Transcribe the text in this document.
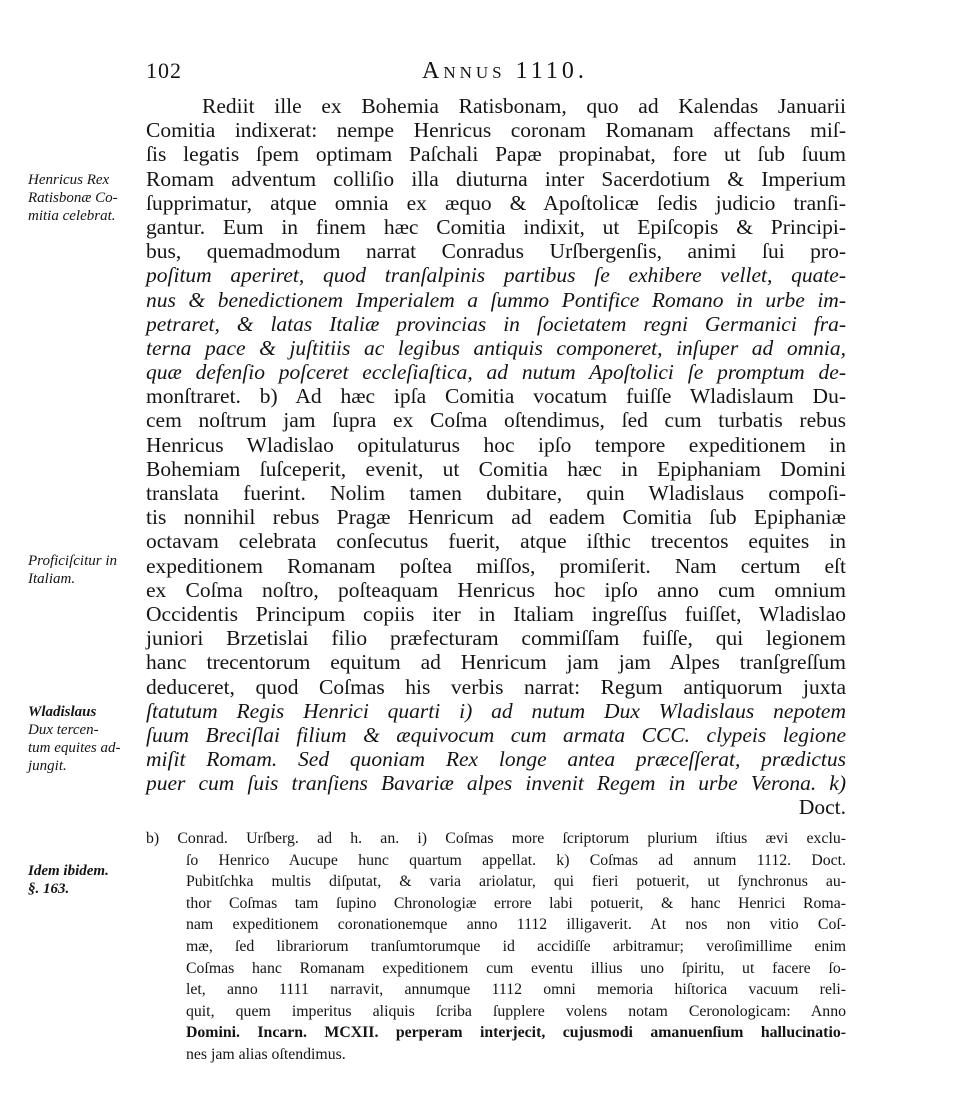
102	Annus 1110.
Henricus Rex
Ratisbonæ Co-
mitia celebrat.
Proficiſcitur in
Italiam.
Wladislaus
Dux tercen-
tum equites ad-
jungit.
Idem ibidem.
§. 163.
Rediit ille ex Bohemia Ratisbonam, quo ad Kalendas Januarii
Comitia indixerat: nempe Henricus coronam Romanam affectans miſ-
ſis legatis ſpem optimam Paſchali Papæ propinabat, fore ut ſub ſuum
Romam adventum colliſio illa diuturna inter Sacerdotium & Imperium
ſupprimatur, atque omnia ex æquo & Apoſtolicæ ſedis judicio tranſi-
gantur. Eum in finem hæc Comitia indixit, ut Epiſcopis & Principi-
bus, quemadmodum narrat Conradus Urſbergenſis, animi ſui pro-
poſitum aperiret, quod tranſalpinis partibus ſe exhibere vellet, quate-
nus & benedictionem Imperialem a ſummo Pontifice Romano in urbe im-
petraret, & latas Italiæ provincias in ſocietatem regni Germanici fra-
terna pace & juſtitiis ac legibus antiquis componeret, inſuper ad omnia,
quæ defenſio poſceret eccleſiaſtica, ad nutum Apoſtolici ſe promptum de-
monſtraret. b) Ad hæc ipſa Comitia vocatum fuiſſe Wladislaum Du-
cem noſtrum jam ſupra ex Coſma oſtendimus, ſed cum turbatis rebus
Henricus Wladislao opitulaturus hoc ipſo tempore expeditionem in
Bohemiam ſuſceperit, evenit, ut Comitia hæc in Epiphaniam Domini
translata fuerint. Nolim tamen dubitare, quin Wladislaus compoſi-
tis nonnihil rebus Pragæ Henricum ad eadem Comitia ſub Epiphaniæ
octavam celebrata conſecutus fuerit, atque iſthic trecentos equites in
expeditionem Romanam poſtea miſſos, promiſerit. Nam certum eſt
ex Coſma noſtro, poſteaquam Henricus hoc ipſo anno cum omnium
Occidentis Principum copiis iter in Italiam ingreſſus fuiſſet, Wladislao
juniori Brzetislai filio præfecturam commiſſam fuiſſe, qui legionem
hanc trecentorum equitum ad Henricum jam jam Alpes tranſgreſſum
deduceret, quod Coſmas his verbis narrat: Regum antiquorum juxta
ſtatutum Regis Henrici quarti i) ad nutum Dux Wladislaus nepotem
ſuum Breciſlai filium & æquivocum cum armata CCC. clypeis legione
miſit Romam. Sed quoniam Rex longe antea præceſſerat, prædictus
puer cum ſuis tranſiens Bavariæ alpes invenit Regem in urbe Verona. k)
Doct.
b) Conrad. Urſberg. ad h. an. i) Coſmas more ſcriptorum plurium iſtius ævi exclu-
ſo Henrico Aucupe hunc quartum appellat. k) Coſmas ad annum 1112. Doct.
Pubitſchka multis diſputat, & varia ariolatur, qui fieri potuerit, ut ſynchronus au-
thor Coſmas tam ſupino Chronologiæ errore labi potuerit, & hanc Henrici Roma-
nam expeditionem coronationemque anno 1112 illigaverit. At nos non vitio Coſ-
mæ, ſed librariorum tranſumtorumque id accidiſſe arbitramur; veroſimillime enim
Coſmas hanc Romanam expeditionem cum eventu illius uno ſpiritu, ut facere ſo-
let, anno 1111 narravit, annumque 1112 omni memoria hiſtorica vacuum reli-
quit, quem imperitus aliquis ſcriba ſupplere volens notam Ceronologicam: Anno
Domini. Incarn. MCXII. perperam interjecit, cujusmodi amanuenſium hallucinatio-
nes jam alias oſtendimus.
